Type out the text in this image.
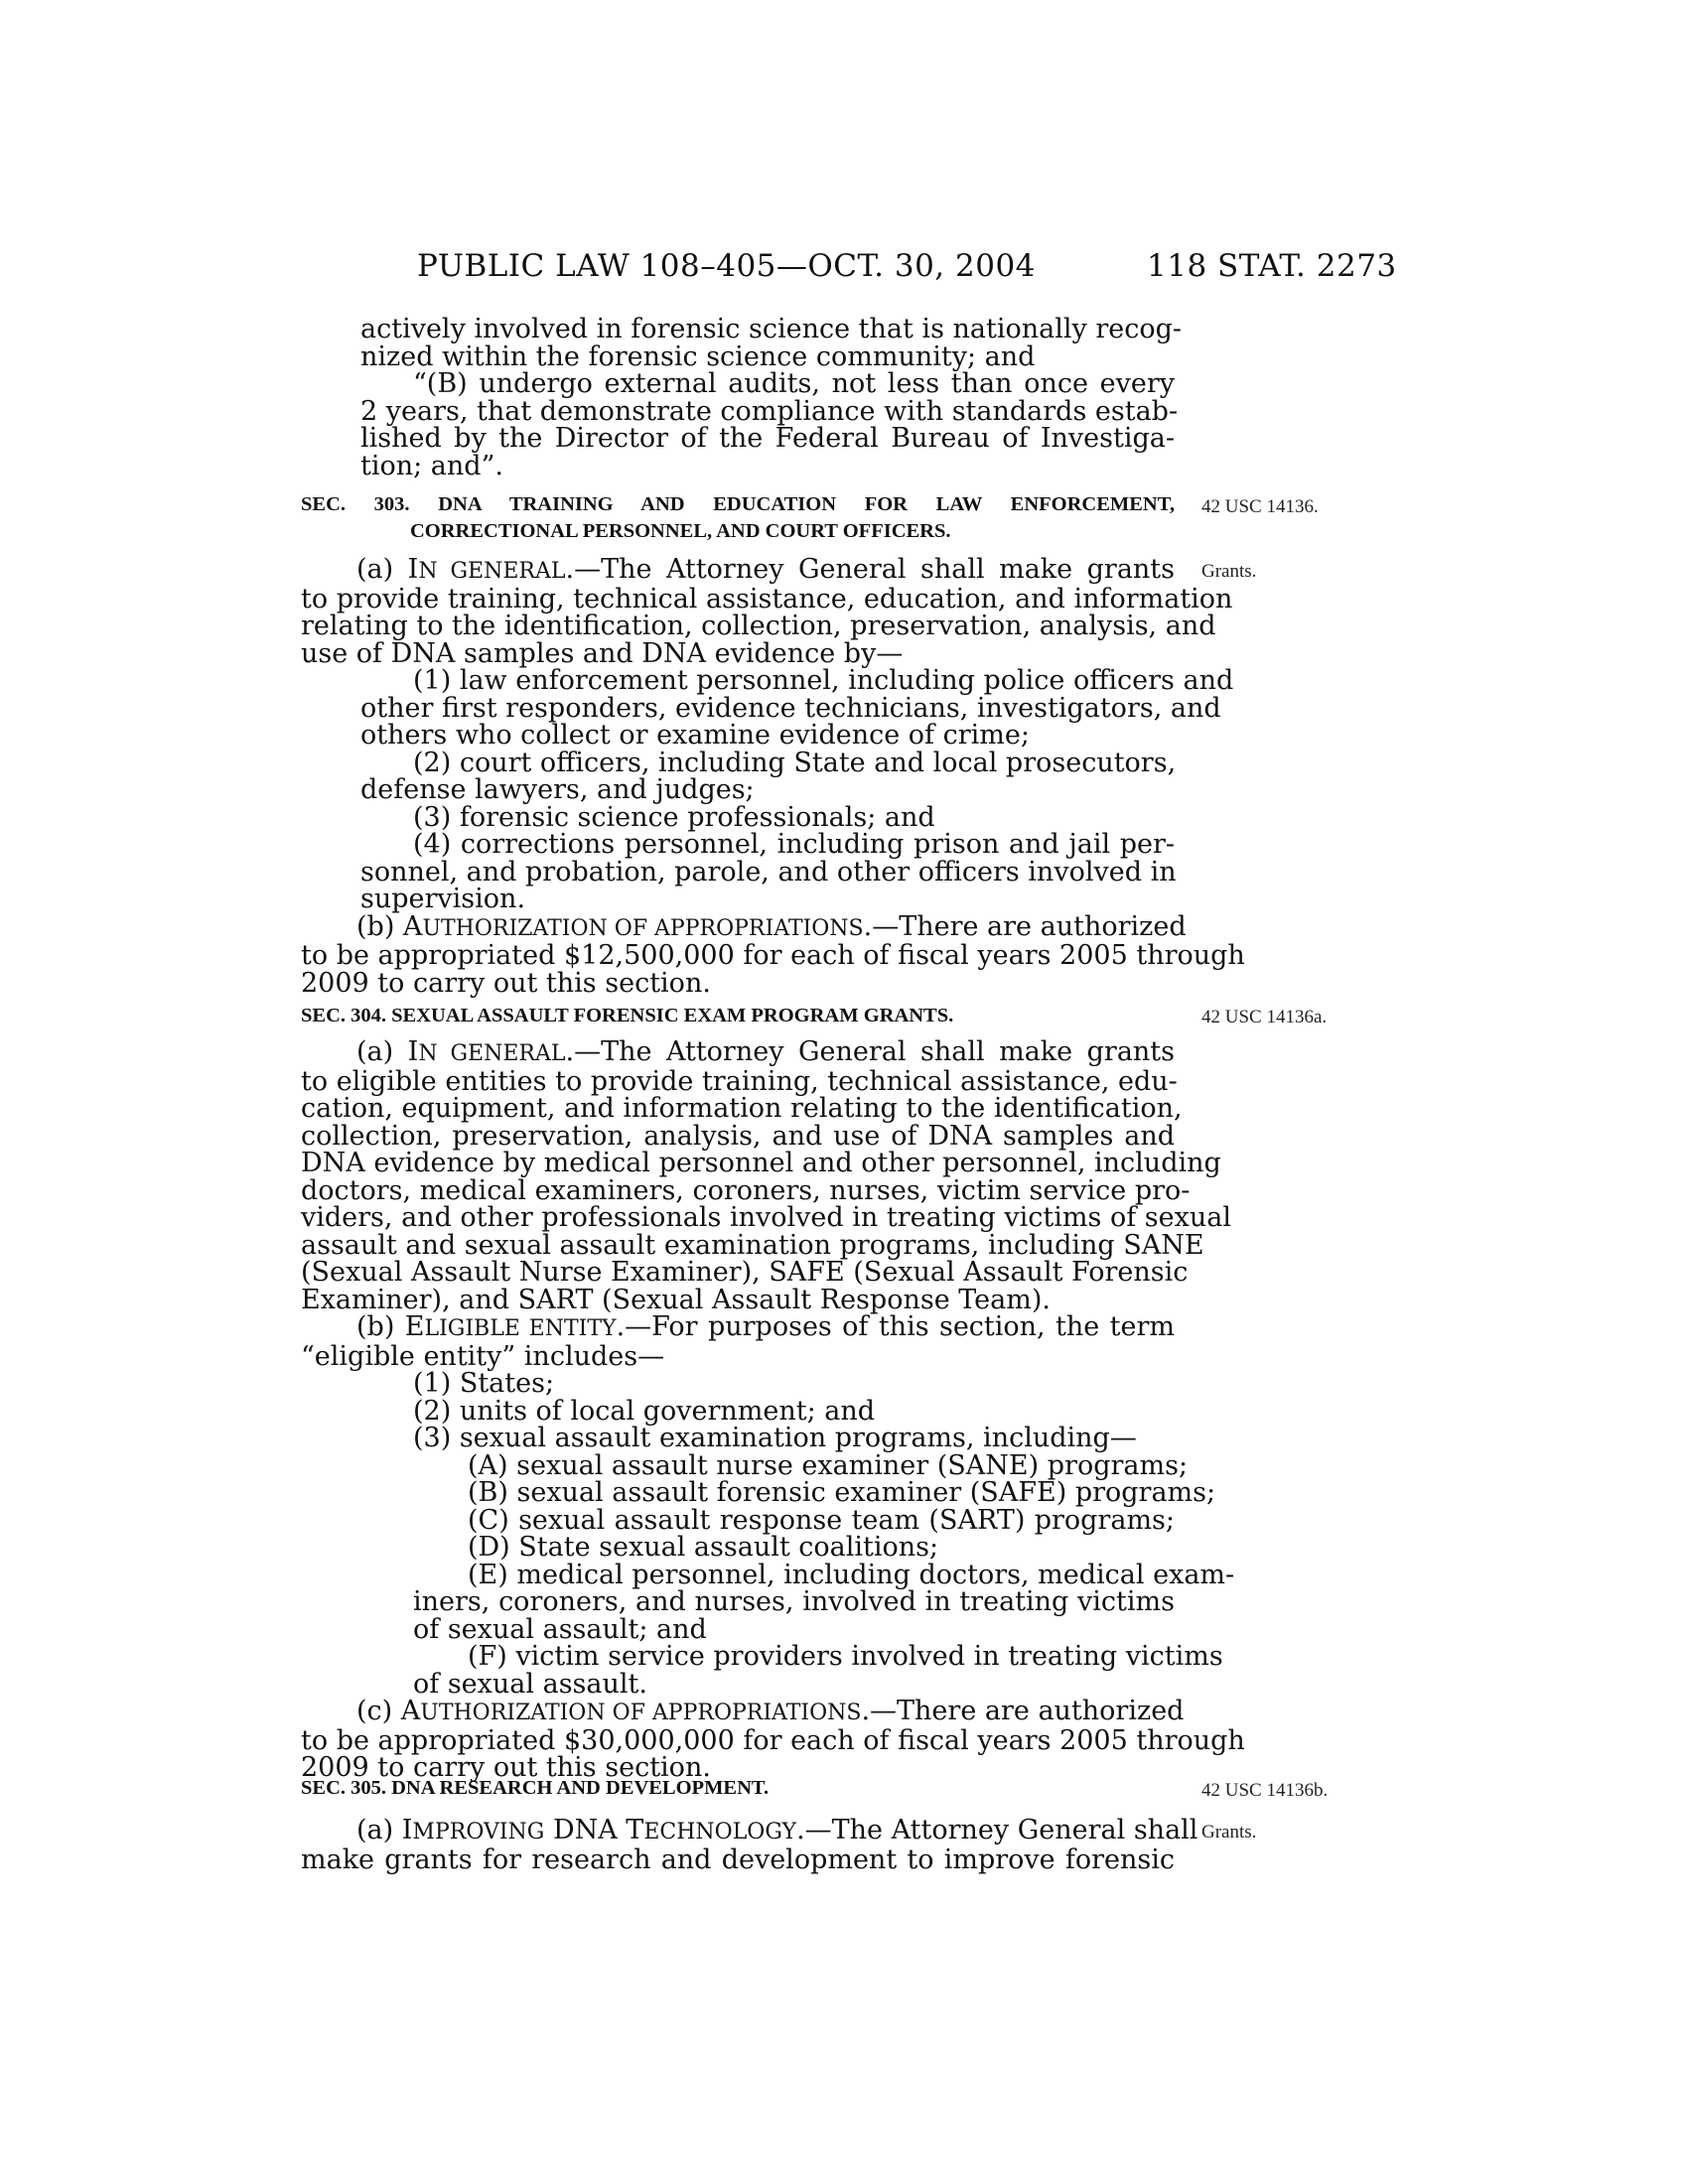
PUBLIC LAW 108–405—OCT. 30, 2004	118 STAT. 2273
actively involved in forensic science that is nationally recog-
nized within the forensic science community; and
“(B) undergo external audits, not less than once every
2 years, that demonstrate compliance with standards estab-
lished by the Director of the Federal Bureau of Investiga-
tion; and”.
SEC. 303. DNA TRAINING AND EDUCATION FOR LAW ENFORCEMENT,
CORRECTIONAL PERSONNEL, AND COURT OFFICERS.
42 USC 14136.
Grants.
(a) IN GENERAL.—The Attorney General shall make grants
to provide training, technical assistance, education, and information
relating to the identification, collection, preservation, analysis, and
use of DNA samples and DNA evidence by—
(1) law enforcement personnel, including police officers and
other first responders, evidence technicians, investigators, and
others who collect or examine evidence of crime;
(2) court officers, including State and local prosecutors,
defense lawyers, and judges;
(3) forensic science professionals; and
(4) corrections personnel, including prison and jail per-
sonnel, and probation, parole, and other officers involved in
supervision.
(b) AUTHORIZATION OF APPROPRIATIONS.—There are authorized
to be appropriated $12,500,000 for each of fiscal years 2005 through
2009 to carry out this section.
SEC. 304. SEXUAL ASSAULT FORENSIC EXAM PROGRAM GRANTS.	42 USC 14136a.
(a) IN GENERAL.—The Attorney General shall make grants
to eligible entities to provide training, technical assistance, edu-
cation, equipment, and information relating to the identification,
collection, preservation, analysis, and use of DNA samples and
DNA evidence by medical personnel and other personnel, including
doctors, medical examiners, coroners, nurses, victim service pro-
viders, and other professionals involved in treating victims of sexual
assault and sexual assault examination programs, including SANE
(Sexual Assault Nurse Examiner), SAFE (Sexual Assault Forensic
Examiner), and SART (Sexual Assault Response Team).
(b) ELIGIBLE ENTITY.—For purposes of this section, the term
“eligible entity” includes—
(1) States;
(2) units of local government; and
(3) sexual assault examination programs, including—
(A) sexual assault nurse examiner (SANE) programs;
(B) sexual assault forensic examiner (SAFE) programs;
(C) sexual assault response team (SART) programs;
(D) State sexual assault coalitions;
(E) medical personnel, including doctors, medical exam-
iners, coroners, and nurses, involved in treating victims
of sexual assault; and
(F) victim service providers involved in treating victims
of sexual assault.
(c) AUTHORIZATION OF APPROPRIATIONS.—There are authorized
to be appropriated $30,000,000 for each of fiscal years 2005 through
2009 to carry out this section.
SEC. 305. DNA RESEARCH AND DEVELOPMENT.	42 USC 14136b.
Grants.
(a) IMPROVING DNA TECHNOLOGY.—The Attorney General shall
make grants for research and development to improve forensic
